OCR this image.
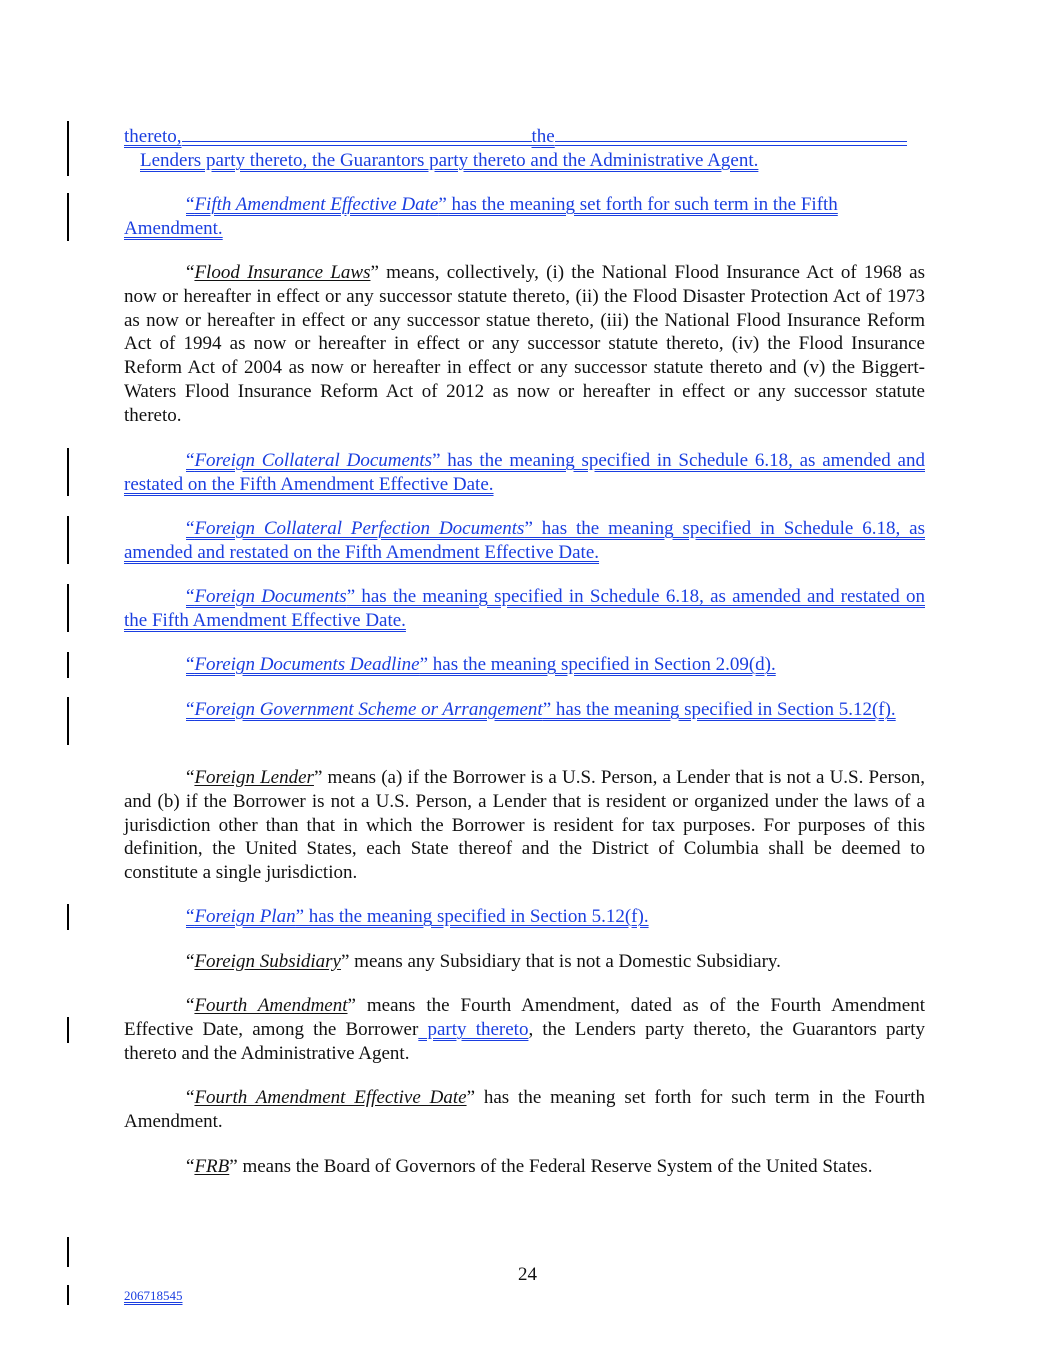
thereto,	the
Lenders party thereto, the Guarantors party thereto and the Administrative Agent.

“Fifth Amendment Effective Date” has the meaning set forth for such term in the Fifth Amendment.

“Flood Insurance Laws” means, collectively, (i) the National Flood Insurance Act of 1968 as now or hereafter in effect or any successor statute thereto, (ii) the Flood Disaster Protection Act of 1973 as now or hereafter in effect or any successor statue thereto, (iii) the National Flood Insurance Reform Act of 1994 as now or hereafter in effect or any successor statute thereto, (iv) the Flood Insurance Reform Act of 2004 as now or hereafter in effect or any successor statute thereto and (v) the Biggert-Waters Flood Insurance Reform Act of 2012 as now or hereafter in effect or any successor statute thereto.

“Foreign Collateral Documents” has the meaning specified in Schedule 6.18, as amended and restated on the Fifth Amendment Effective Date.

“Foreign Collateral Perfection Documents” has the meaning specified in Schedule 6.18, as amended and restated on the Fifth Amendment Effective Date.

“Foreign Documents” has the meaning specified in Schedule 6.18, as amended and restated on the Fifth Amendment Effective Date.

“Foreign Documents Deadline” has the meaning specified in Section 2.09(d).

“Foreign Government Scheme or Arrangement” has the meaning specified in Section 5.12(f).

“Foreign Lender” means (a) if the Borrower is a U.S. Person, a Lender that is not a U.S. Person, and (b) if the Borrower is not a U.S. Person, a Lender that is resident or organized under the laws of a jurisdiction other than that in which the Borrower is resident for tax purposes. For purposes of this definition, the United States, each State thereof and the District of Columbia shall be deemed to constitute a single jurisdiction.

“Foreign Plan” has the meaning specified in Section 5.12(f).

“Foreign Subsidiary” means any Subsidiary that is not a Domestic Subsidiary.

“Fourth Amendment” means the Fourth Amendment, dated as of the Fourth Amendment Effective Date, among the Borrower party thereto, the Lenders party thereto, the Guarantors party thereto and the Administrative Agent.

“Fourth Amendment Effective Date” has the meaning set forth for such term in the Fourth Amendment.

“FRB” means the Board of Governors of the Federal Reserve System of the United States.

24
206718545
